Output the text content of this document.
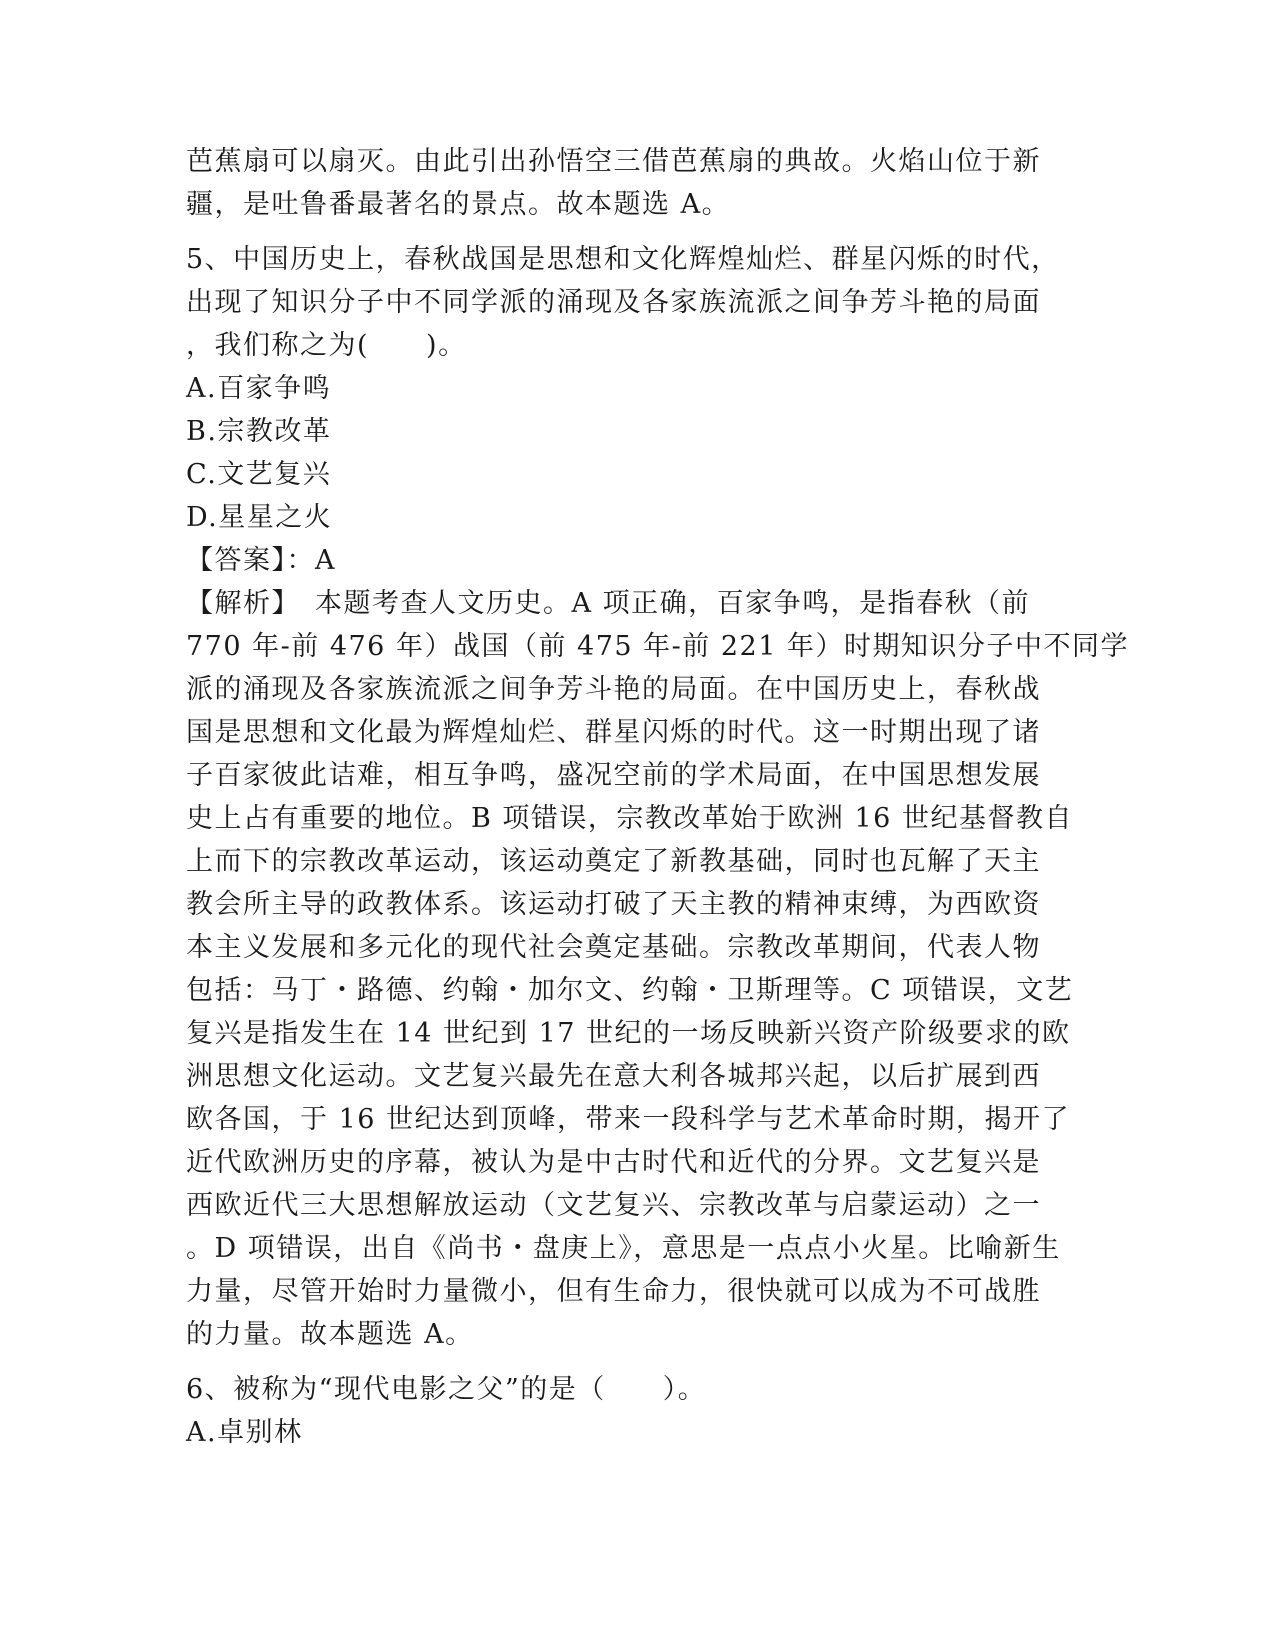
芭蕉扇可以扇灭。由此引出孙悟空三借芭蕉扇的典故。火焰山位于新
疆，是吐鲁番最著名的景点。故本题选 A。
5、中国历史上，春秋战国是思想和文化辉煌灿烂、群星闪烁的时代，
出现了知识分子中不同学派的涌现及各家族流派之间争芳斗艳的局面
，我们称之为(　　)。
A.百家争鸣
B.宗教改革
C.文艺复兴
D.星星之火
【答案】：A
【解析】　本题考查人文历史。A 项正确，百家争鸣，是指春秋（前
770 年-前 476 年）战国（前 475 年-前 221 年）时期知识分子中不同学
派的涌现及各家族流派之间争芳斗艳的局面。在中国历史上，春秋战
国是思想和文化最为辉煌灿烂、群星闪烁的时代。这一时期出现了诸
子百家彼此诘难，相互争鸣，盛况空前的学术局面，在中国思想发展
史上占有重要的地位。B 项错误，宗教改革始于欧洲 16 世纪基督教自
上而下的宗教改革运动，该运动奠定了新教基础，同时也瓦解了天主
教会所主导的政教体系。该运动打破了天主教的精神束缚，为西欧资
本主义发展和多元化的现代社会奠定基础。宗教改革期间，代表人物
包括：马丁・路德、约翰・加尔文、约翰・卫斯理等。C 项错误，文艺
复兴是指发生在 14 世纪到 17 世纪的一场反映新兴资产阶级要求的欧
洲思想文化运动。文艺复兴最先在意大利各城邦兴起，以后扩展到西
欧各国，于 16 世纪达到顶峰，带来一段科学与艺术革命时期，揭开了
近代欧洲历史的序幕，被认为是中古时代和近代的分界。文艺复兴是
西欧近代三大思想解放运动（文艺复兴、宗教改革与启蒙运动）之一
。D 项错误，出自《尚书・盘庚上》，意思是一点点小火星。比喻新生
力量，尽管开始时力量微小，但有生命力，很快就可以成为不可战胜
的力量。故本题选 A。
6、被称为“现代电影之父”的是（　　）。
A.卓别林
